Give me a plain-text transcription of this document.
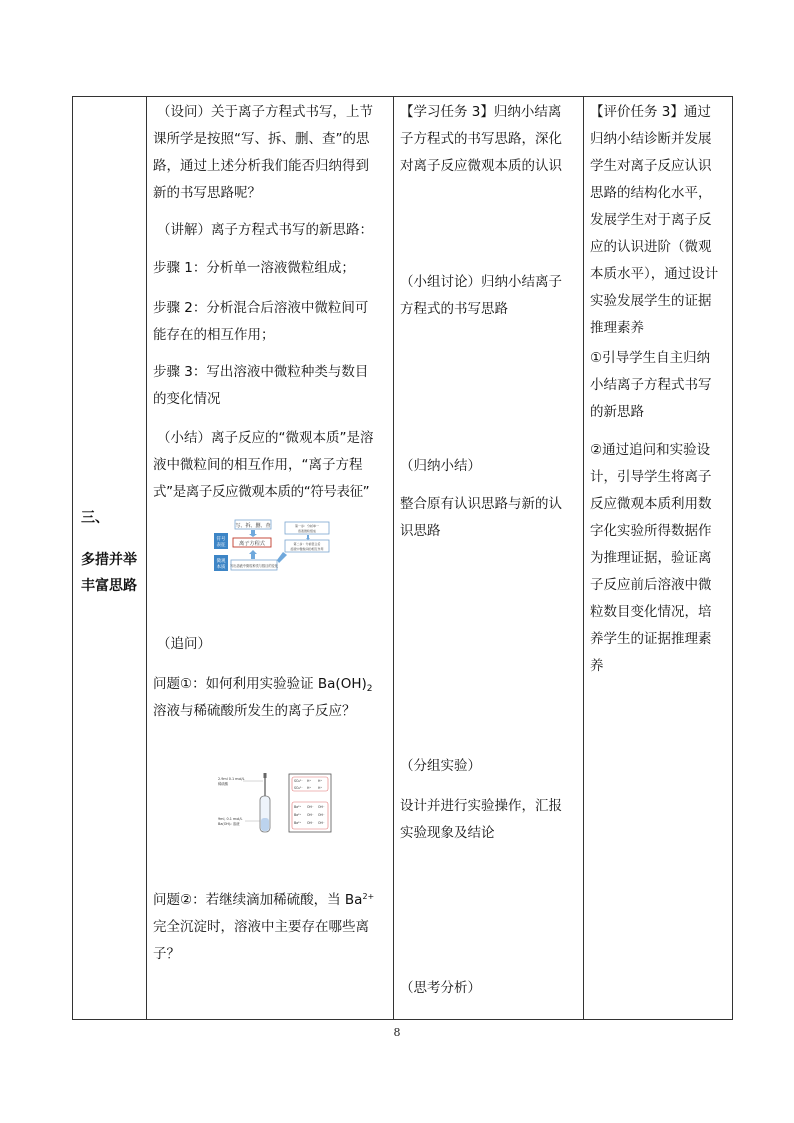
三、
多措并举
丰富思路

（设问）关于离子方程式书写，上节
课所学是按照“写、拆、删、查”的思
路，通过上述分析我们能否归纳得到
新的书写思路呢？
（讲解）离子方程式书写的新思路：
步骤 1：分析单一溶液微粒组成；
步骤 2：分析混合后溶液中微粒间可
能存在的相互作用；
步骤 3：写出溶液中微粒种类与数目
的变化情况
（小结）离子反应的“微观本质”是溶
液中微粒间的相互作用，“离子方程
式”是离子反应微观本质的“符号表征”
写、拆、删、查
离子方程式
符号
表征
微观
本质 写出溶液中微粒种类与数目的变化
第一步：分析单一
溶液微粒组成
第二步：分析混合后
溶液中微粒间的相互作用
（追问）
问题①：如何利用实验验证 $Ba(OH)_2$
溶液与稀硫酸所发生的离子反应？
2.9ml 0.1 mol/L
稀硫酸
9ml, 0.1 mol/L
Ba(OH)₂ 溶液
SO₄²⁻ H⁺ H⁺
SO₄²⁻ H⁺ H⁺
Ba²⁺ OH⁻ OH⁻
Ba²⁺ OH⁻ OH⁻
Ba²⁺ OH⁻ OH⁻
问题②：若继续滴加稀硫酸，当 $Ba^{2+}$
完全沉淀时，溶液中主要存在哪些离
子？

【学习任务 3】归纳小结离
子方程式的书写思路，深化
对离子反应微观本质的认识
（小组讨论）归纳小结离子
方程式的书写思路
（归纳小结）
整合原有认识思路与新的认
识思路
（分组实验）
设计并进行实验操作，汇报
实验现象及结论
（思考分析）

【评价任务 3】通过
归纳小结诊断并发展
学生对离子反应认识
思路的结构化水平，
发展学生对于离子反
应的认识进阶（微观
本质水平），通过设计
实验发展学生的证据
推理素养
①引导学生自主归纳
小结离子方程式书写
的新思路
②通过追问和实验设
计，引导学生将离子
反应微观本质利用数
字化实验所得数据作
为推理证据，验证离
子反应前后溶液中微
粒数目变化情况，培
养学生的证据推理素
养
8
